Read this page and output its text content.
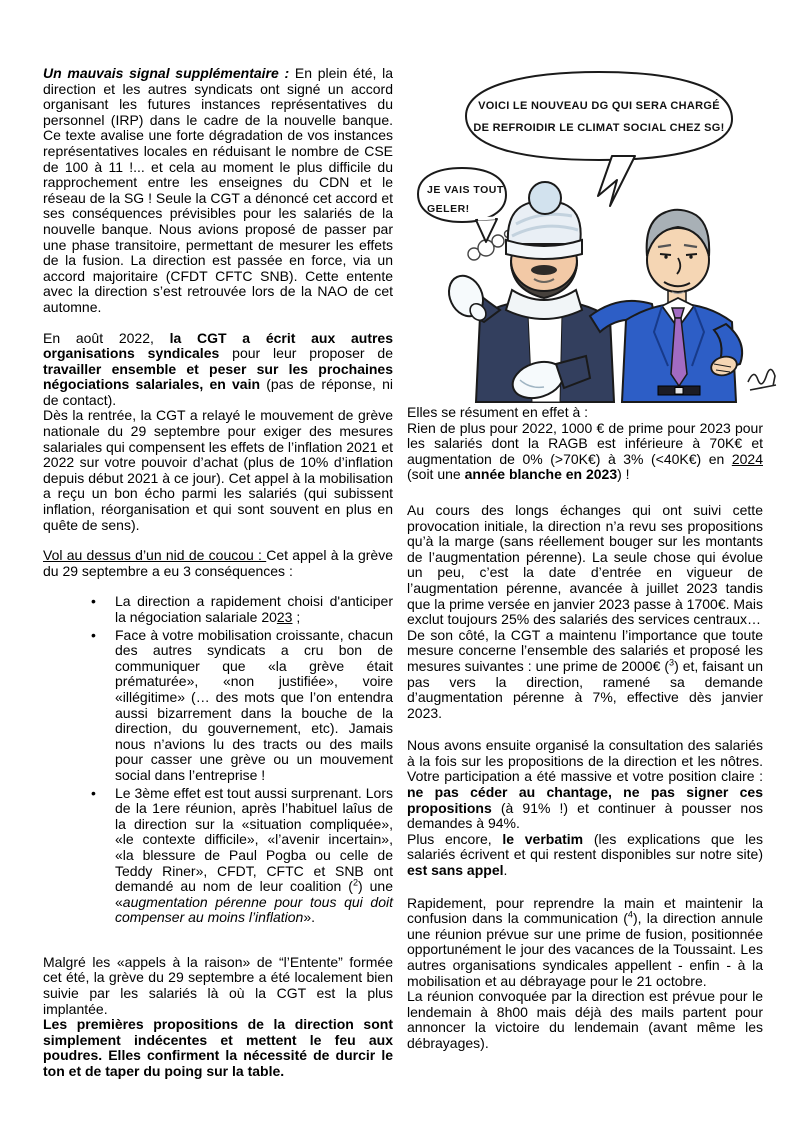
Un mauvais signal supplémentaire : En plein été, la direction et les autres syndicats ont signé un accord organisant les futures instances représentatives du personnel (IRP) dans le cadre de la nouvelle banque. Ce texte avalise une forte dégradation de vos instances représentatives locales en réduisant le nombre de CSE de 100 à 11 !... et cela au moment le plus difficile du rapprochement entre les enseignes du CDN et le réseau de la SG ! Seule la CGT a dénoncé cet accord et ses conséquences prévisibles pour les salariés de la nouvelle banque. Nous avions proposé de passer par une phase transitoire, permettant de mesurer les effets de la fusion. La direction est passée en force, via un accord majoritaire (CFDT CFTC SNB). Cette entente avec la direction s’est retrouvée lors de la NAO de cet automne.
En août 2022, la CGT a écrit aux autres organisations syndicales pour leur proposer de travailler ensemble et peser sur les prochaines négociations salariales, en vain (pas de réponse, ni de contact).
Dès la rentrée, la CGT a relayé le mouvement de grève nationale du 29 septembre pour exiger des mesures salariales qui compensent les effets de l’inflation 2021 et 2022 sur votre pouvoir d’achat (plus de 10% d’inflation depuis début 2021 à ce jour). Cet appel à la mobilisation a reçu un bon écho parmi les salariés (qui subissent inflation, réorganisation et qui sont souvent en plus en quête de sens).
Vol au dessus d’un nid de coucou : Cet appel à la grève du 29 septembre a eu 3 conséquences :
• La direction a rapidement choisi d'anticiper la négociation salariale 2023 ;
• Face à votre mobilisation croissante, chacun des autres syndicats a cru bon de communiquer que «la grève était prématurée», «non justifiée», voire «illégitime» (… des mots que l’on entendra aussi bizarrement dans la bouche de la direction, du gouvernement, etc). Jamais nous n’avions lu des tracts ou des mails pour casser une grève ou un mouvement social dans l’entreprise !
• Le 3ème effet est tout aussi surprenant. Lors de la 1ere réunion, après l’habituel laîus de la direction sur la «situation compliquée», «le contexte difficile», «l’avenir incertain», «la blessure de Paul Pogba ou celle de Teddy Riner», CFDT, CFTC et SNB ont demandé au nom de leur coalition ($^2$) une «augmentation pérenne pour tous qui doit compenser au moins l’inflation».
Malgré les «appels à la raison» de “l’Entente” formée cet été, la grève du 29 septembre a été localement bien suivie par les salariés là où la CGT est la plus implantée.
Les premières propositions de la direction sont simplement indécentes et mettent le feu aux poudres. Elles confirment la nécessité de durcir le ton et de taper du poing sur la table.
VOICI LE NOUVEAU DG QUI SERA CHARGÉ
DE REFROIDIR LE CLIMAT SOCIAL CHEZ SG!
JE VAIS TOUT
GELER!
Elles se résument en effet à :
Rien de plus pour 2022, 1000 € de prime pour 2023 pour les salariés dont la RAGB est inférieure à 70K€ et augmentation de 0% (>70K€) à 3% (<40K€) en 2024 (soit une année blanche en 2023) !
Au cours des longs échanges qui ont suivi cette provocation initiale, la direction n’a revu ses propositions qu’à la marge (sans réellement bouger sur les montants de l’augmentation pérenne). La seule chose qui évolue un peu, c’est la date d’entrée en vigueur de l’augmentation pérenne, avancée à juillet 2023 tandis que la prime versée en janvier 2023 passe à 1700€. Mais exclut toujours 25% des salariés des services centraux…
De son côté, la CGT a maintenu l’importance que toute mesure concerne l’ensemble des salariés et proposé les mesures suivantes : une prime de 2000€ ($^3$) et, faisant un pas vers la direction, ramené sa demande d’augmentation pérenne à 7%, effective dès janvier 2023.
Nous avons ensuite organisé la consultation des salariés à la fois sur les propositions de la direction et les nôtres. Votre participation a été massive et votre position claire : ne pas céder au chantage, ne pas signer ces propositions (à 91% !) et continuer à pousser nos demandes à 94%.
Plus encore, le verbatim (les explications que les salariés écrivent et qui restent disponibles sur notre site) est sans appel.
Rapidement, pour reprendre la main et maintenir la confusion dans la communication ($^4$), la direction annule une réunion prévue sur une prime de fusion, positionnée opportunément le jour des vacances de la Toussaint. Les autres organisations syndicales appellent - enfin - à la mobilisation et au débrayage pour le 21 octobre.
La réunion convoquée par la direction est prévue pour le lendemain à 8h00 mais déjà des mails partent pour annoncer la victoire du lendemain (avant même les débrayages).
